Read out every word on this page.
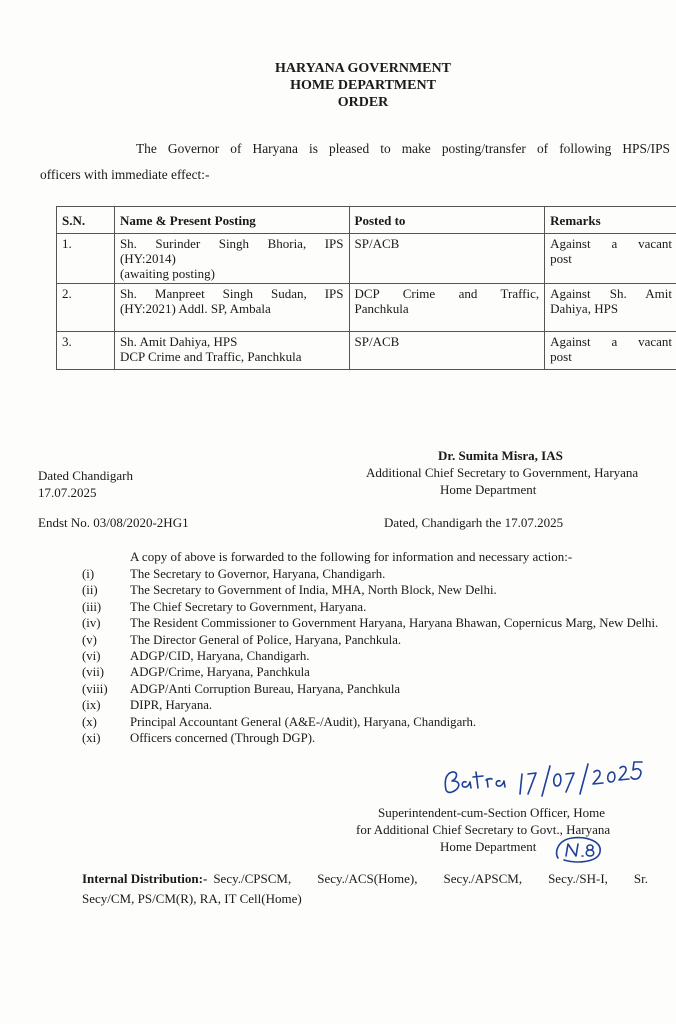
HARYANA GOVERNMENT
HOME DEPARTMENT
ORDER
The Governor of Haryana is pleased to make posting/transfer of following HPS/IPS
officers with immediate effect:-
S.N.	Name & Present Posting	Posted to	Remarks
1.	Sh. Surinder Singh Bhoria, IPS
(HY:2014)
(awaiting posting)	SP/ACB	Against a vacant
post

2.	Sh. Manpreet Singh Sudan, IPS
(HY:2021) Addl. SP, Ambala	DCP Crime and Traffic,
Panchkula	Against Sh. Amit
Dahiya, HPS

3.	Sh. Amit Dahiya, HPS
DCP Crime and Traffic, Panchkula	SP/ACB	Against a vacant
post
Dr. Sumita Misra, IAS
Additional Chief Secretary to Government, Haryana
Home Department
Dated Chandigarh
17.07.2025
Endst No. 03/08/2020-2HG1	Dated, Chandigarh the 17.07.2025
A copy of above is forwarded to the following for information and necessary action:-
(i)	The Secretary to Governor, Haryana, Chandigarh.
(ii)	The Secretary to Government of India, MHA, North Block, New Delhi.
(iii)	The Chief Secretary to Government, Haryana.
(iv)	The Resident Commissioner to Government Haryana, Haryana Bhawan, Copernicus Marg, New Delhi.
(v)	The Director General of Police, Haryana, Panchkula.
(vi)	ADGP/CID, Haryana, Chandigarh.
(vii)	ADGP/Crime, Haryana, Panchkula
(viii)	ADGP/Anti Corruption Bureau, Haryana, Panchkula
(ix)	DIPR, Haryana.
(x)	Principal Accountant General (A&E-/Audit), Haryana, Chandigarh.
(xi)	Officers concerned (Through DGP).
Superintendent-cum-Section Officer, Home
for Additional Chief Secretary to Govt., Haryana
Home Department
Internal Distribution:- Secy./CPSCM, Secy./ACS(Home), Secy./APSCM, Secy./SH-I, Sr.
Secy/CM, PS/CM(R), RA, IT Cell(Home)
